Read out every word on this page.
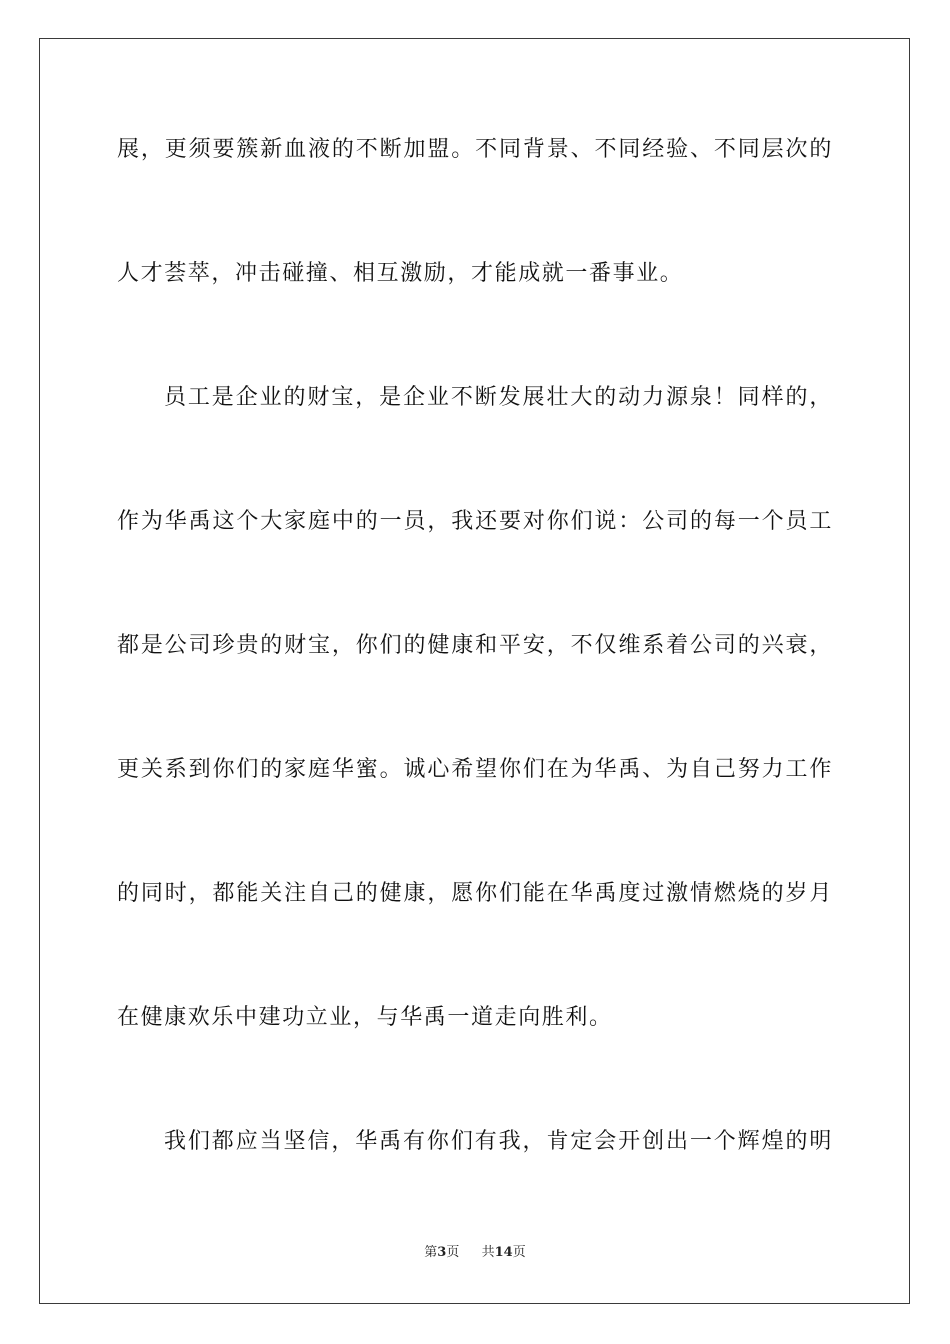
展，更须要簇新血液的不断加盟。不同背景、不同经验、不同层次的
人才荟萃，冲击碰撞、相互激励，才能成就一番事业。
员工是企业的财宝，是企业不断发展壮大的动力源泉！同样的，
作为华禹这个大家庭中的一员，我还要对你们说：公司的每一个员工
都是公司珍贵的财宝，你们的健康和平安，不仅维系着公司的兴衰，
更关系到你们的家庭华蜜。诚心希望你们在为华禹、为自己努力工作
的同时，都能关注自己的健康，愿你们能在华禹度过激情燃烧的岁月
在健康欢乐中建功立业，与华禹一道走向胜利。
我们都应当坚信，华禹有你们有我，肯定会开创出一个辉煌的明
第3页 共14页
